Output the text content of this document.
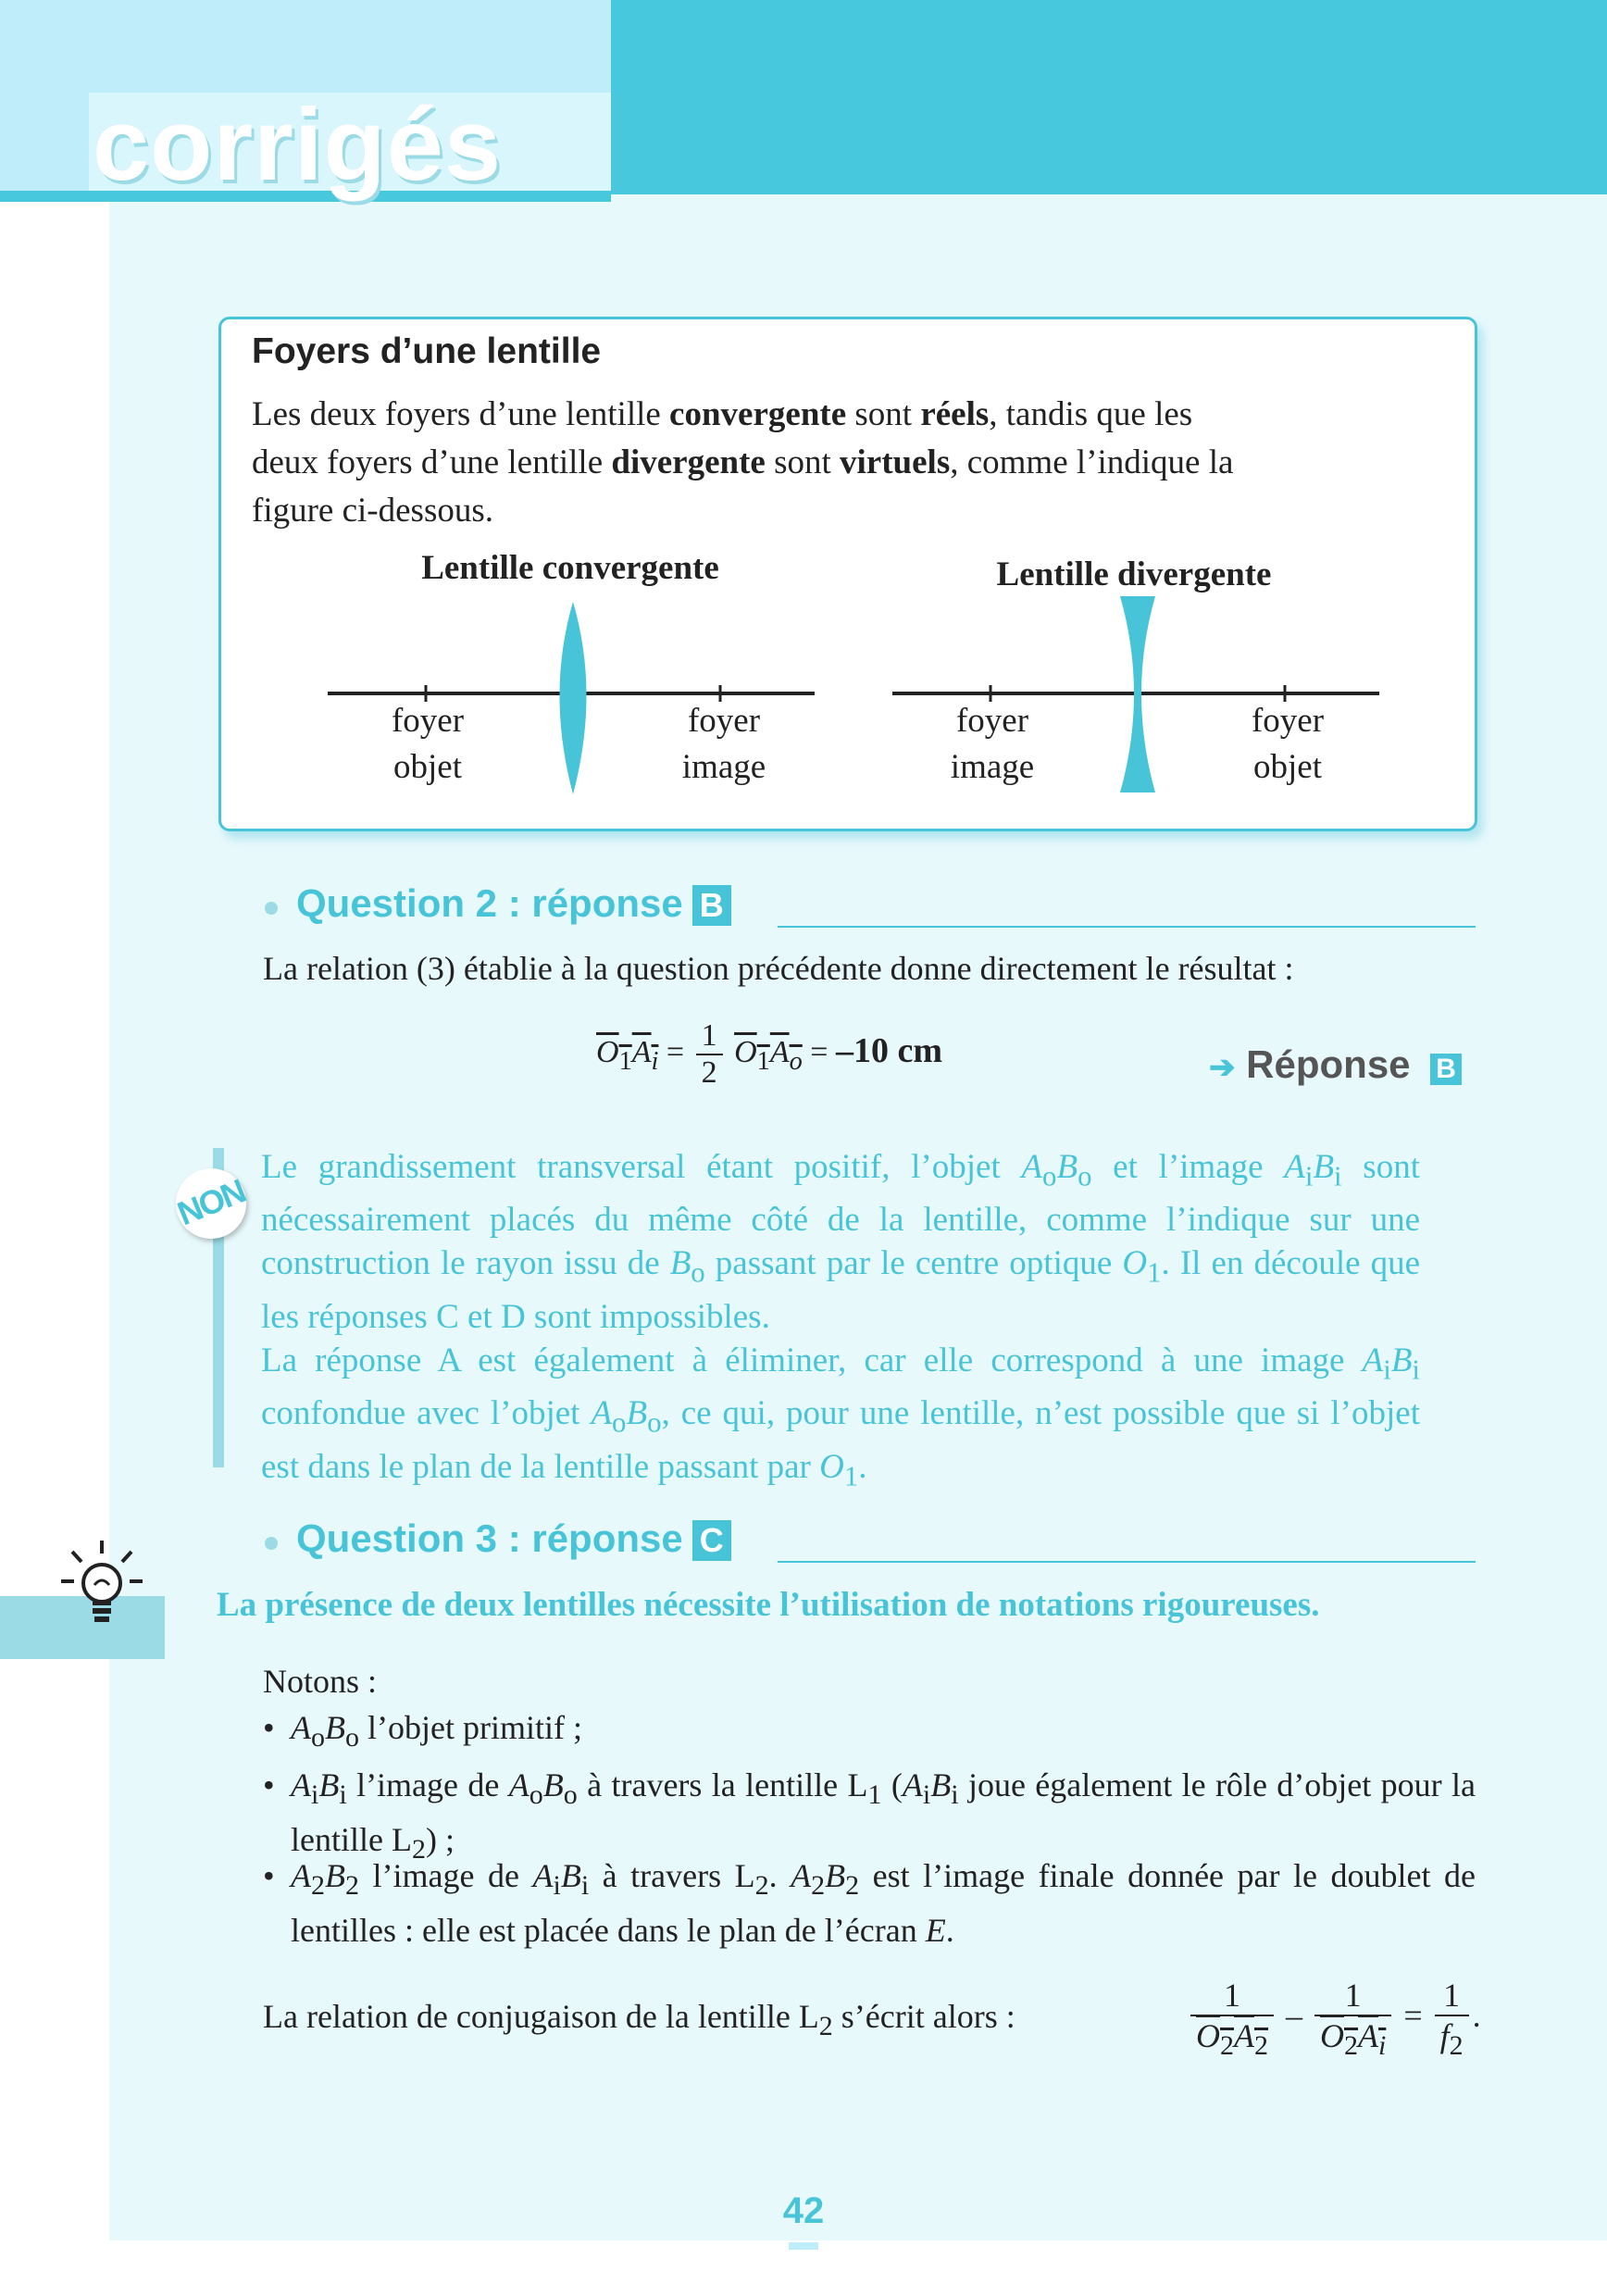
corrigés
Foyers d’une lentille
Les deux foyers d’une lentille convergente sont réels, tandis que les
deux foyers d’une lentille divergente sont virtuels, comme l’indique la
figure ci-dessous.
Lentille convergente	Lentille divergente
foyer
objet
foyer
image
foyer
image
foyer
objet
Question 2 : réponse B
La relation (3) établie à la question précédente donne directement le résultat :
$O_1A_i = \frac{1}{2} O_1A_o = -10$ cm	➔ Réponse B
NON
Le grandissement transversal étant positif, l’objet $A_oB_o$ et l’image $A_iB_i$ sont nécessairement placés du même côté de la lentille, comme l’indique sur une construction le rayon issu de $B_o$ passant par le centre optique $O_1$. Il en découle que les réponses C et D sont impossibles.
La réponse A est également à éliminer, car elle correspond à une image $A_iB_i$ confondue avec l’objet $A_oB_o$, ce qui, pour une lentille, n’est possible que si l’objet est dans le plan de la lentille passant par $O_1$.
Question 3 : réponse C
La présence de deux lentilles nécessite l’utilisation de notations rigoureuses.
Notons :
• $A_oB_o$ l’objet primitif ;
• $A_iB_i$ l’image de $A_oB_o$ à travers la lentille $L_1$ ($A_iB_i$ joue également le rôle d’objet pour la lentille $L_2$) ;
• $A_2B_2$ l’image de $A_iB_i$ à travers $L_2$. $A_2B_2$ est l’image finale donnée par le doublet de lentilles : elle est placée dans le plan de l’écran E.
La relation de conjugaison de la lentille $L_2$ s’écrit alors :	$\frac{1}{O_2A_2} - \frac{1}{O_2A_i} = \frac{1}{f_2}$ .
42
